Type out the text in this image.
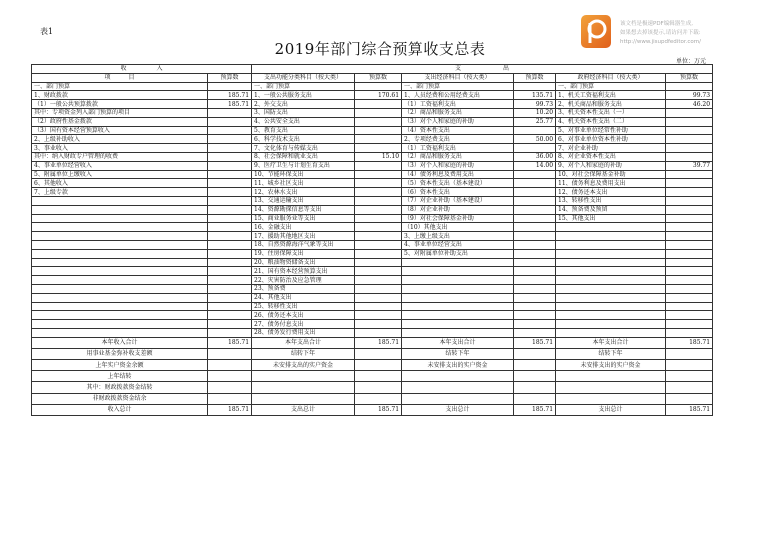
表1
2019年部门综合预算收支总表
单位：万元
该文档是极速PDF编辑器生成,
如果想去掉该提示,请访问并下载:
http://www.jisupdfeditor.com/
收　　　　　入		支　　　　　　　出					
项　　　目	预算数	支出功能分类科目（按大类）	预算数	支出经济科目（按大类）	预算数	政府经济科目（按大类）	预算数
一、部门预算		一、部门预算		一、部门预算		一、部门预算	
1、财政拨款	185.71	1、一般公共服务支出	170.61	1、人员经费和公用经费支出	135.71	1、机关工资福利支出	99.73
（1）一般公共预算拨款	185.71	2、外交支出		（1）工资福利支出	99.73	2、机关商品和服务支出	46.20
其中：专项资金列入部门预算的项目		3、国防支出		（2）商品和服务支出	10.20	3、机关资本性支出（一）	
（2）政府性基金拨款		4、公共安全支出		（3）对个人和家庭的补助	25.77	4、机关资本性支出（二）	
（3）国有资本经营预算收入		5、教育支出		（4）资本性支出		5、对事业单位经常性补助	
2、上级补助收入		6、科学技术支出		2、专项经费支出	50.00	6、对事业单位资本性补助	
3、事业收入		7、文化体育与传媒支出		（1）工资福利支出		7、对企业补助	
其中：纳入财政专户管理的收费		8、社会保障和就业支出	15.10	（2）商品和服务支出	36.00	8、对企业资本性支出	
4、事业单位经营收入		9、医疗卫生与计划生育支出		（3）对个人和家庭的补助	14.00	9、对个人和家庭的补助	39.77
5、附属单位上缴收入		10、节能环保支出		（4）债务利息及费用支出		10、对社会保障基金补助	
6、其他收入		11、城乡社区支出		（5）资本性支出（基本建设）		11、债务利息及费用支出	
7、上级专款		12、农林水支出		（6）资本性支出		12、债务还本支出	
		13、交通运输支出		（7）对企业补助（基本建设）		13、转移性支出	
		14、资源勘探信息等支出		（8）对企业补助		14、预备费及预留	
		15、商业服务业等支出		（9）对社会保障基金补助		15、其他支出	
		16、金融支出		（10）其他支出			
		17、援助其他地区支出		3、上缴上级支出			
		18、自然资源海洋气象等支出		4、事业单位经营支出			
		19、住房保障支出		5、对附属单位补助支出			
		20、粮油物资储备支出					
		21、国有资本经营预算支出					
		22、灾害防治及应急管理					
		23、预备费					
		24、其他支出					
		25、转移性支出					
		26、债务还本支出					
		27、债务付息支出					
		28、债务发行费用支出					
本年收入合计	185.71	本年支出合计	185.71	本年支出合计	185.71	本年支出合计	185.71
用事业基金弥补收支差额		结转下年		结转下年		结转下年	
上年实户资金余额		未安排支出的实户资金		未安排支出的实户资金		未安排支出的实户资金	
上年结转							
其中：财政拨款资金结转							
非财政拨款资金结余							
收入总计	185.71	支出总计	185.71	支出总计	185.71	支出总计	185.71
